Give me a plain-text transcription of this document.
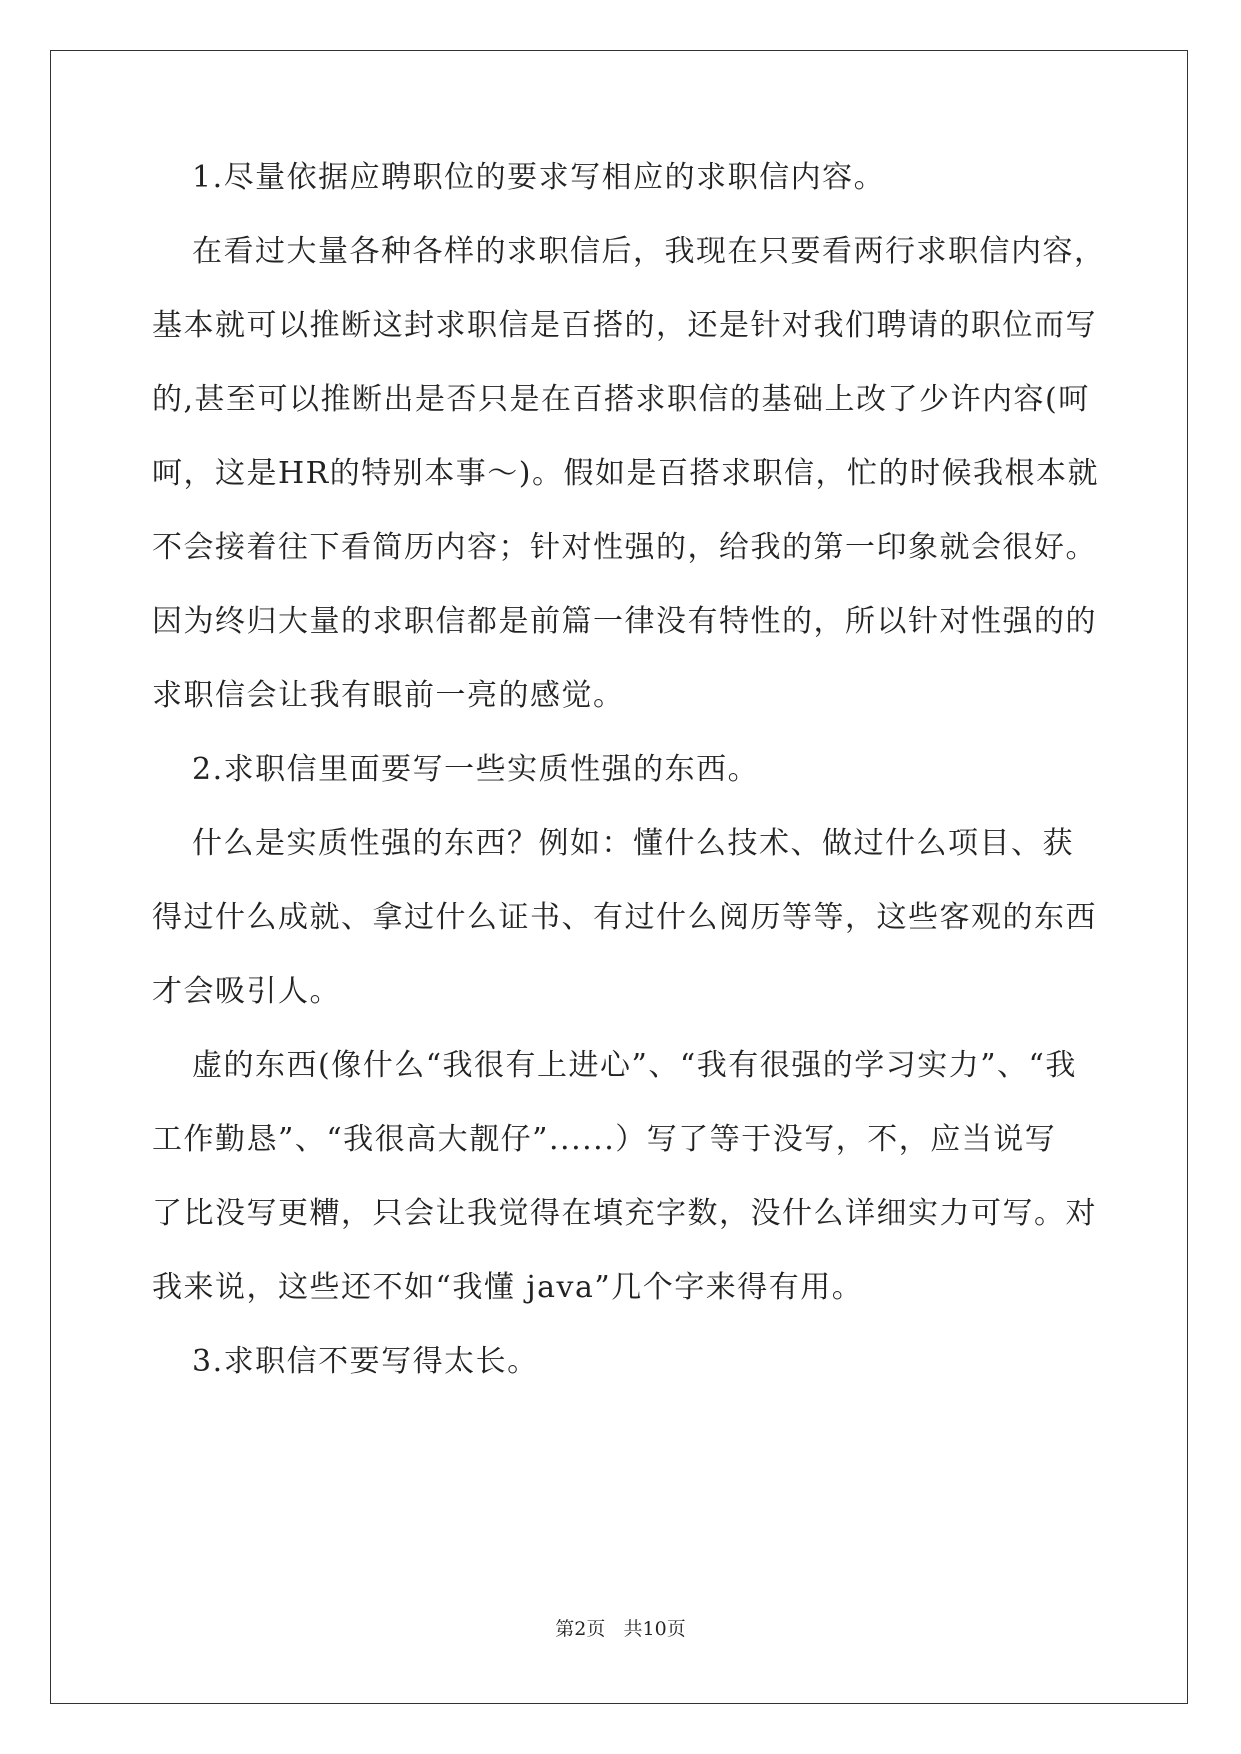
1.尽量依据应聘职位的要求写相应的求职信内容。
在看过大量各种各样的求职信后，我现在只要看两行求职信内容，
基本就可以推断这封求职信是百搭的，还是针对我们聘请的职位而写
的,甚至可以推断出是否只是在百搭求职信的基础上改了少许内容(呵
呵，这是HR的特别本事～)。假如是百搭求职信，忙的时候我根本就
不会接着往下看简历内容；针对性强的，给我的第一印象就会很好。
因为终归大量的求职信都是前篇一律没有特性的，所以针对性强的的
求职信会让我有眼前一亮的感觉。
2.求职信里面要写一些实质性强的东西。
什么是实质性强的东西？例如：懂什么技术、做过什么项目、获
得过什么成就、拿过什么证书、有过什么阅历等等，这些客观的东西
才会吸引人。
虚的东西(像什么“我很有上进心”、“我有很强的学习实力”、“我
工作勤恳”、“我很高大靓仔”......）写了等于没写，不，应当说写
了比没写更糟，只会让我觉得在填充字数，没什么详细实力可写。对
我来说，这些还不如“我懂 java”几个字来得有用。
3.求职信不要写得太长。
第2页 共10页
